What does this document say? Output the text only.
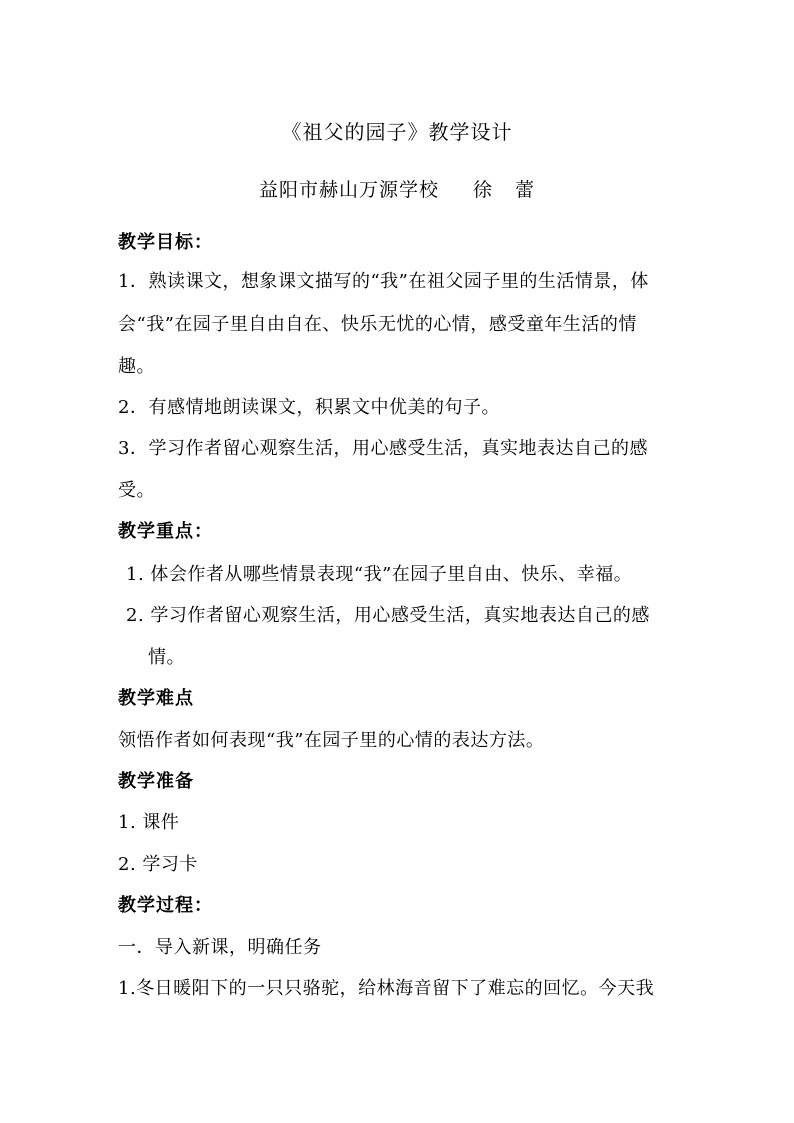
《祖父的园子》教学设计
益阳市赫山万源学校 徐 蕾
教学目标：
1．熟读课文，想象课文描写的“我”在祖父园子里的生活情景，体
会“我”在园子里自由自在、快乐无忧的心情，感受童年生活的情
趣。
2．有感情地朗读课文，积累文中优美的句子。
3．学习作者留心观察生活，用心感受生活，真实地表达自己的感
受。
教学重点：
1. 体会作者从哪些情景表现“我”在园子里自由、快乐、幸福。
2. 学习作者留心观察生活，用心感受生活，真实地表达自己的感
情。
教学难点
领悟作者如何表现“我”在园子里的心情的表达方法。
教学准备
1. 课件
2. 学习卡
教学过程：
一．导入新课，明确任务
1.冬日暖阳下的一只只骆驼，给林海音留下了难忘的回忆。今天我
